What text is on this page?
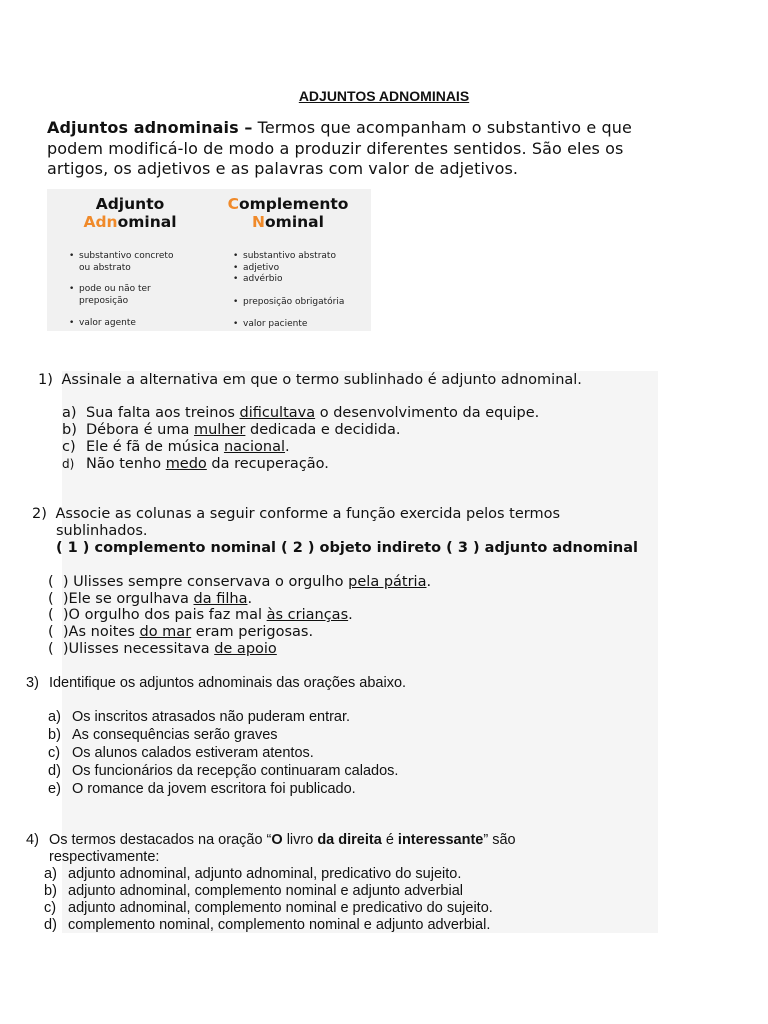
ADJUNTOS ADNOMINAIS
Adjuntos adnominais – Termos que acompanham o substantivo e que podem modificá-lo de modo a produzir diferentes sentidos. São eles os artigos, os adjetivos e as palavras com valor de adjetivos.
Adjunto
Adnominal
Complemento
Nominal
• substantivo concreto ou abstrato
• pode ou não ter preposição
• valor agente
• substantivo abstrato
• adjetivo
• advérbio
• preposição obrigatória
• valor paciente
1) Assinale a alternativa em que o termo sublinhado é adjunto adnominal.
a) Sua falta aos treinos dificultava o desenvolvimento da equipe.
b) Débora é uma mulher dedicada e decidida.
c) Ele é fã de música nacional.
d) Não tenho medo da recuperação.
2) Associe as colunas a seguir conforme a função exercida pelos termos
sublinhados.
( 1 ) complemento nominal ( 2 ) objeto indireto ( 3 ) adjunto adnominal
(  ) Ulisses sempre conservava o orgulho pela pátria.
(  )Ele se orgulhava da filha.
(  )O orgulho dos pais faz mal às crianças.
(  )As noites do mar eram perigosas.
(  )Ulisses necessitava de apoio
3) Identifique os adjuntos adnominais das orações abaixo.
a) Os inscritos atrasados não puderam entrar.
b) As consequências serão graves
c) Os alunos calados estiveram atentos.
d) Os funcionários da recepção continuaram calados.
e) O romance da jovem escritora foi publicado.
4) Os termos destacados na oração “O livro da direita é interessante” são
respectivamente:
a) adjunto adnominal, adjunto adnominal, predicativo do sujeito.
b) adjunto adnominal, complemento nominal e adjunto adverbial
c) adjunto adnominal, complemento nominal e predicativo do sujeito.
d) complemento nominal, complemento nominal e adjunto adverbial.
